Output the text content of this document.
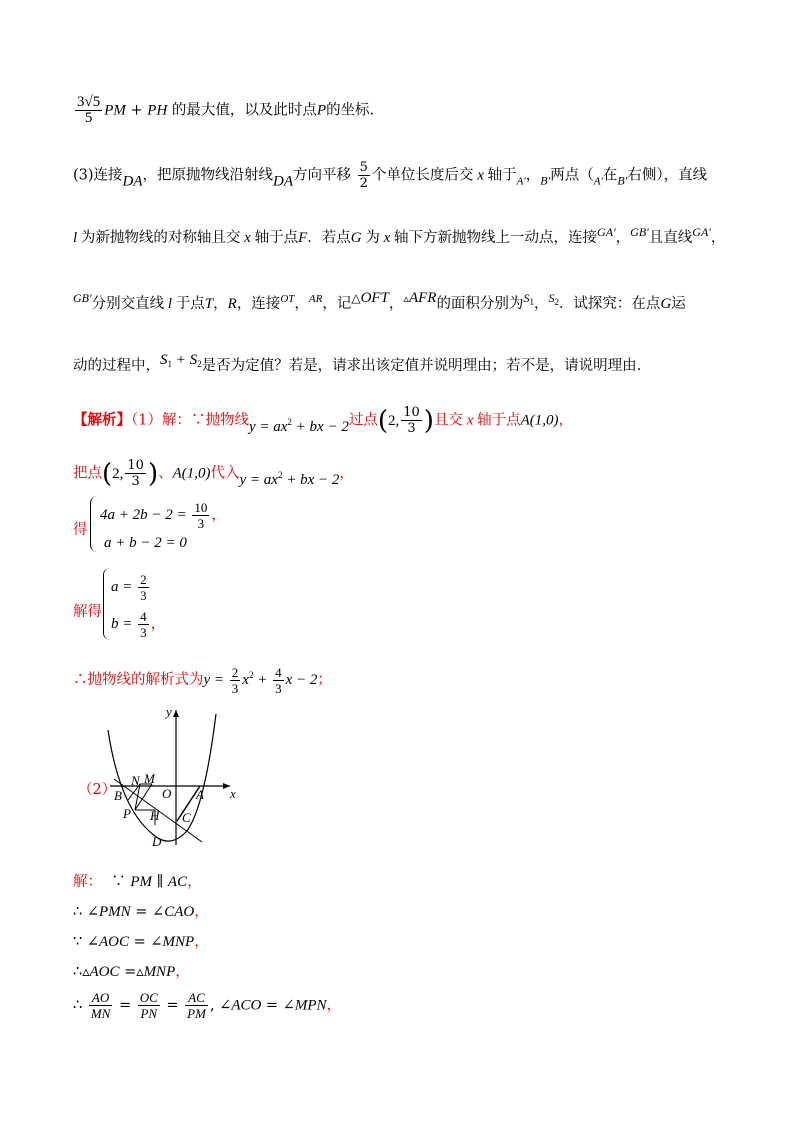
$\frac{3√5}{5}$ PM + PH 的最大值，以及此时点P的坐标.
(3)连接DA，把原抛物线沿射线DA方向平移 $\frac{5}{2}$ 个单位长度后交 x 轴于$_{A'}$，$_{B'}$两点（$_{A'}$在$_{B'}$右侧），直线
l 为新抛物线的对称轴且交 x 轴于点F．若点G 为 x 轴下方新抛物线上一动点，连接$^{GA'}$，$^{GB'}$且直线$^{GA'}$，
$^{GB'}$分别交直线 l 于点T，R，连接$^{OT}$，$^{AR}$，记$^{\triangle OFT}$，$^{▵AFR}$的面积分别为$^{S_1}$，$^{S_2}$．试探究：在点G运
动的过程中，$S_1 + S_2$是否为定值？若是，请求出该定值并说明理由；若不是，请说明理由.
【解析】（1）解：∵抛物线$y = ax^2$ + bx − 2过点(2, $\frac{10}{3}$ )且交 x 轴于点A(1,0)，
把点(2, $\frac{10}{3}$ )、A(1,0)代入$y = ax^2$ + bx − 2，
得
$4a + 2b - 2 = \frac{10}{3}$ ，
a + b − 2 = 0
解得
$a = \frac{2}{3}$
$b = \frac{4}{3}$ ，
∴抛物线的解析式为$y = \frac{2}{3} x^2 + \frac{4}{3}$ x − 2；
（2）
y
x
O A
B
C
D
N M
P H
解：  ∵ PM ∥ AC，
∴ ∠PMN = ∠CAO，
∵ ∠AOC = ∠MNP，
∴▵AOC =▵MNP，
∴ $\frac{AO}{MN} = \frac{OC}{PN} = \frac{AC}{PM}$ , ∠ACO = ∠MPN，
